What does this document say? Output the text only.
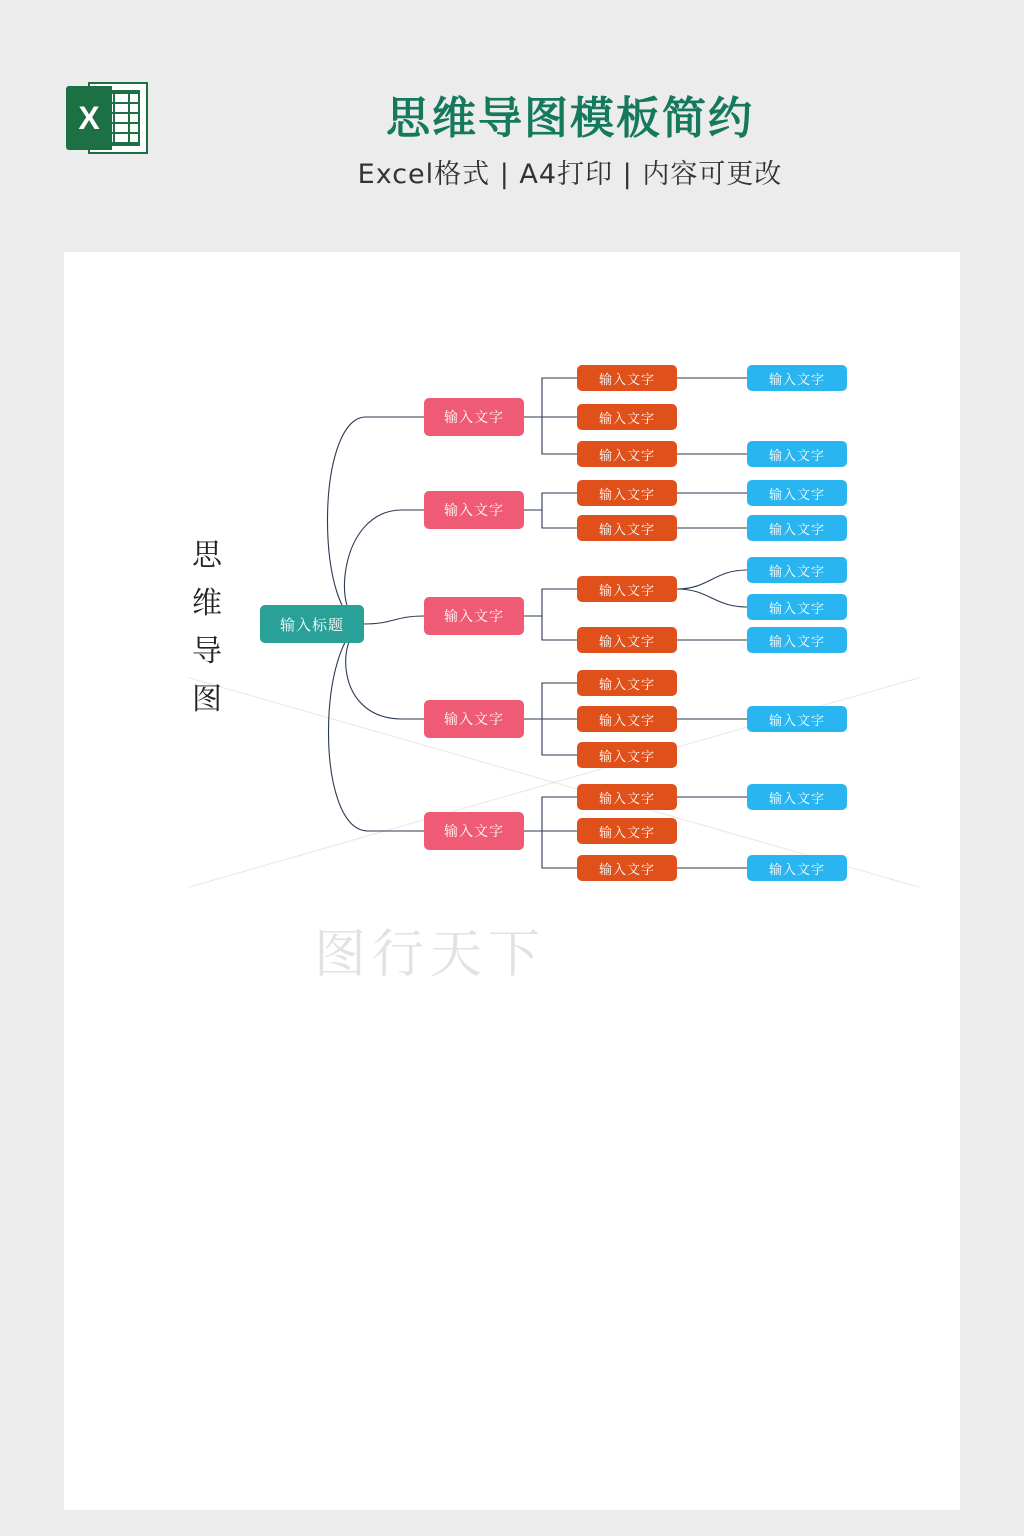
X	思维导图模板简约
Excel格式 | A4打印 | 内容可更改
图行天下
思
维
导
图
输入标题
输入文字
输入文字
输入文字
输入文字
输入文字
输入文字
输入文字
输入文字
输入文字
输入文字
输入文字
输入文字
输入文字
输入文字
输入文字
输入文字
输入文字
输入文字
输入文字
输入文字
输入文字
输入文字
输入文字
输入文字
输入文字
输入文字
输入文字
输入文字
